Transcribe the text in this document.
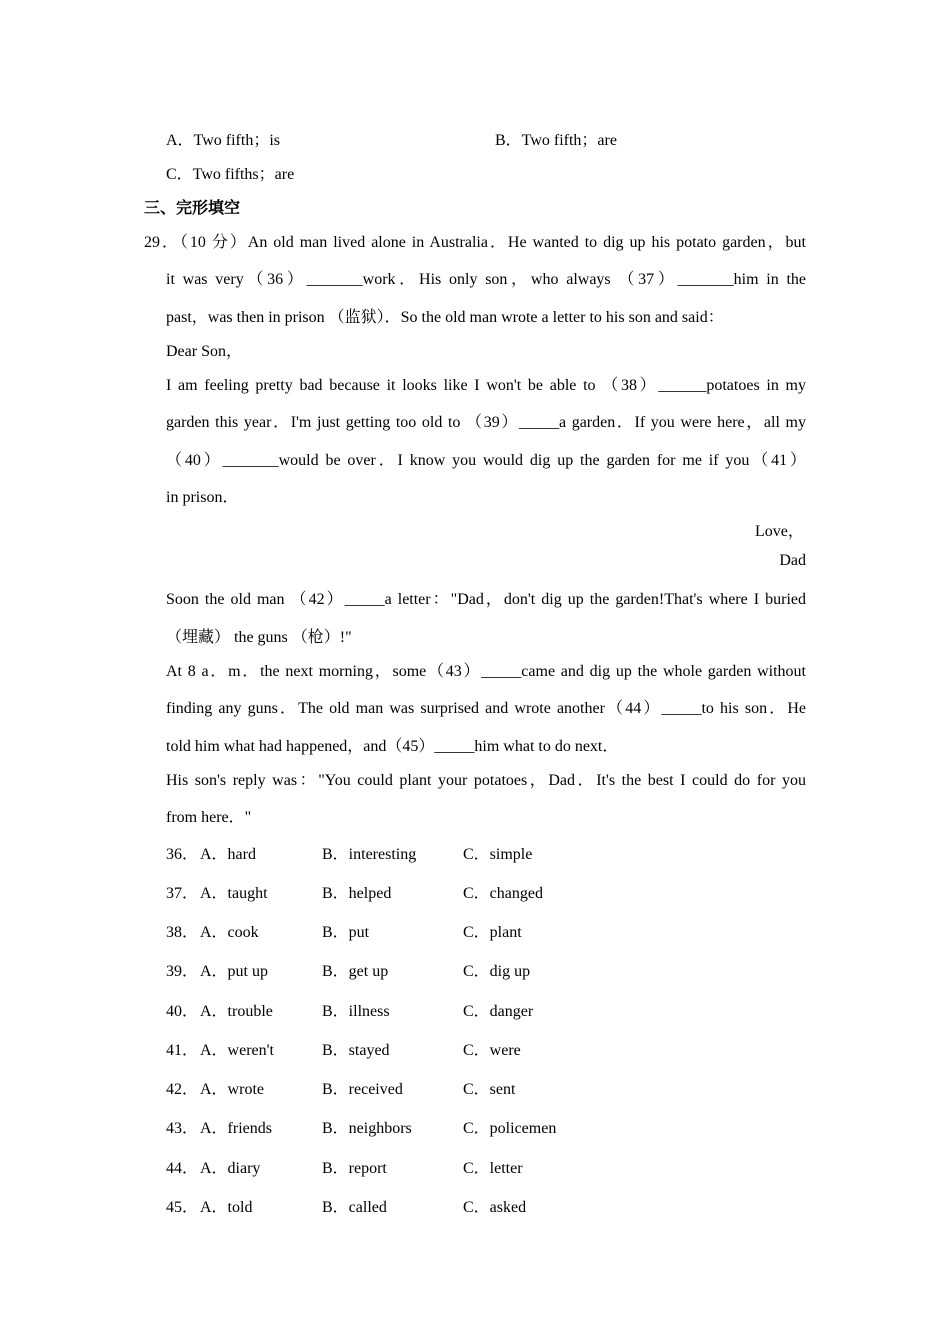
A．Two fifth；is	B．Two fifth；are
C．Two fifths；are
三、完形填空
29．（10 分）An old man lived alone in Australia．He wanted to dig up his potato garden，but
it was very（36）_______work．His only son，who always （37）_______him in the
past，was then in prison （监狱）．So the old man wrote a letter to his son and said：
Dear Son，
I am feeling pretty bad because it looks like I won't be able to （38）______potatoes in my
garden this year．I'm just getting too old to （39）_____a garden．If you were here，all my
（40）_______would be over．I know you would dig up the garden for me if you（41）
in prison．
Love，
Dad
Soon the old man （42）_____a letter："Dad，don't dig up the garden!That's where I buried
（埋藏） the guns （枪）!"
At 8 a．m．the next morning，some（43）_____came and dig up the whole garden without
finding any guns．The old man was surprised and wrote another（44）_____to his son．He
told him what had happened，and（45）_____him what to do next．
His son's reply was："You could plant your potatoes，Dad．It's the best I could do for you
from here．"
36． A．hard	B．interesting	C．simple
37． A．taught	B．helped	C．changed
38． A．cook	B．put	C．plant
39． A．put up	B．get up	C．dig up
40． A．trouble	B．illness	C．danger
41． A．weren't	B．stayed	C．were
42． A．wrote	B．received	C．sent
43． A．friends	B．neighbors	C．policemen
44． A．diary	B．report	C．letter
45． A．told	B．called	C．asked
